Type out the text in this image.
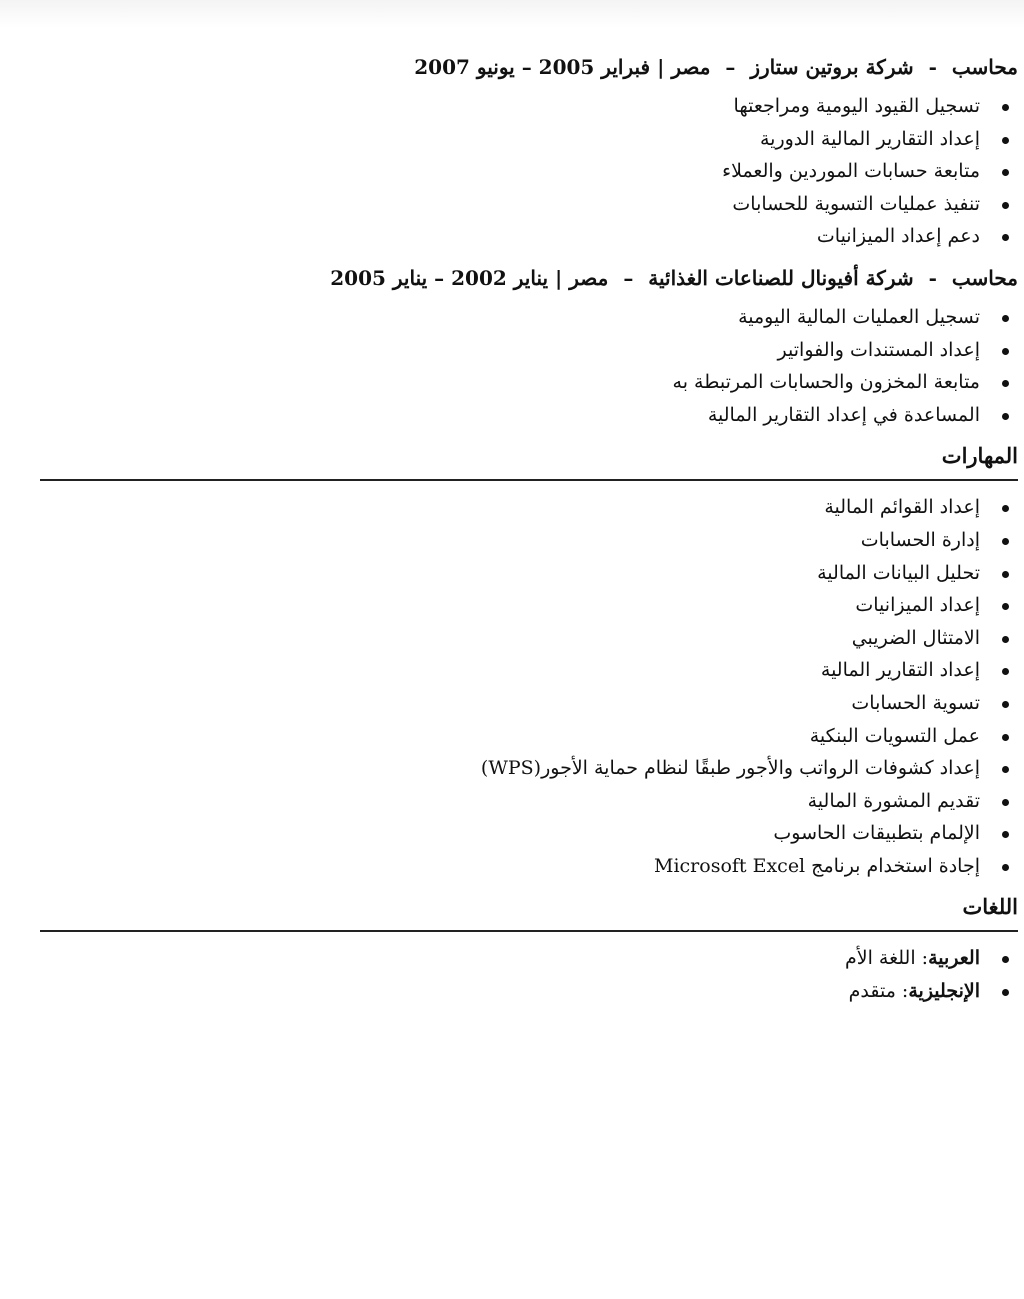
محاسب - شركة بروتين ستارز – مصر | فبراير 2005 – يونيو 2007
تسجيل القيود اليومية ومراجعتها
إعداد التقارير المالية الدورية
متابعة حسابات الموردين والعملاء
تنفيذ عمليات التسوية للحسابات
دعم إعداد الميزانيات
محاسب - شركة أفيونال للصناعات الغذائية – مصر | يناير 2002 – يناير 2005
تسجيل العمليات المالية اليومية
إعداد المستندات والفواتير
متابعة المخزون والحسابات المرتبطة به
المساعدة في إعداد التقارير المالية
المهارات
إعداد القوائم المالية
إدارة الحسابات
تحليل البيانات المالية
إعداد الميزانيات
الامتثال الضريبي
إعداد التقارير المالية
تسوية الحسابات
عمل التسويات البنكية
إعداد كشوفات الرواتب والأجور طبقًا لنظام حماية الأجور(WPS)
تقديم المشورة المالية
الإلمام بتطبيقات الحاسوب
إجادة استخدام برنامج Microsoft Excel
اللغات
العربية: اللغة الأم
الإنجليزية: متقدم
